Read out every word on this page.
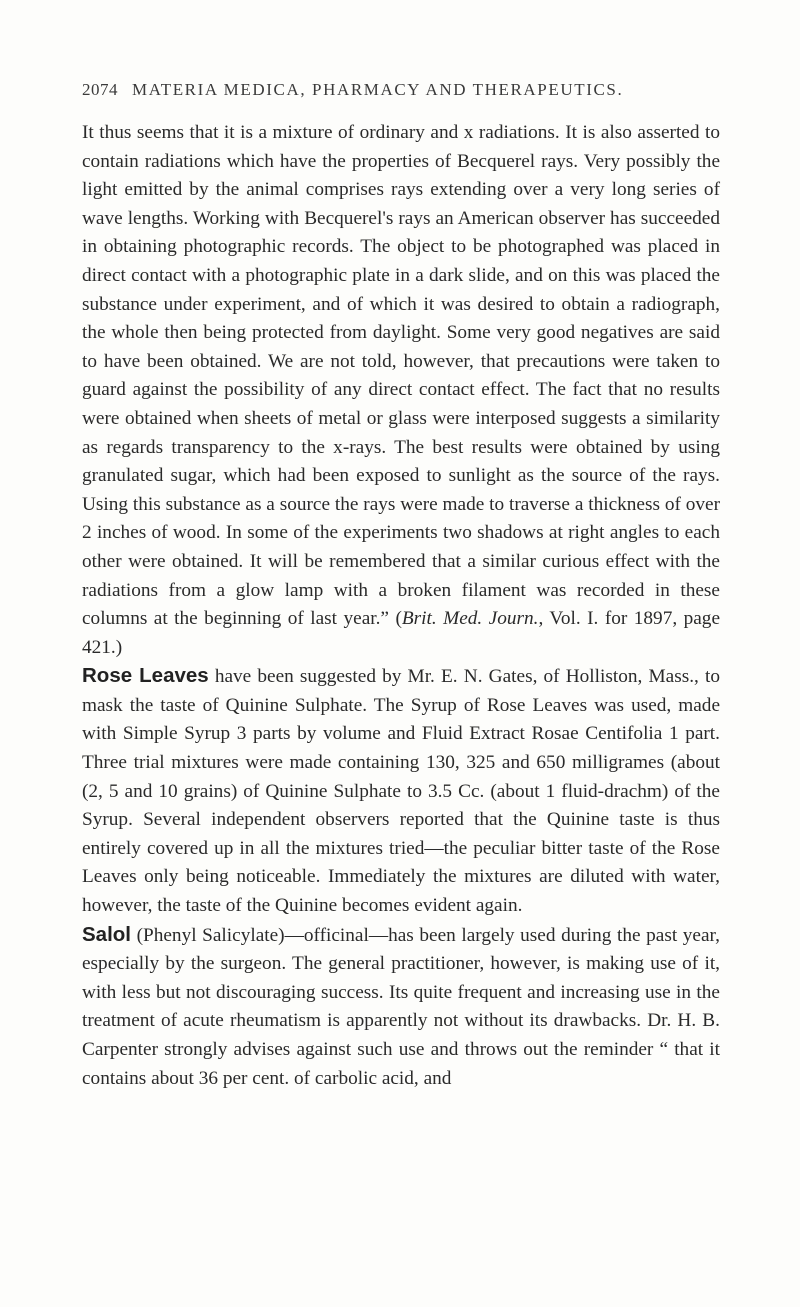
2074 MATERIA MEDICA, PHARMACY AND THERAPEUTICS.

It thus seems that it is a mixture of ordinary and x radiations. It is also asserted to contain radiations which have the properties of Becquerel rays. Very possibly the light emitted by the animal comprises rays extending over a very long series of wave lengths. Working with Becquerel's rays an American observer has succeeded in obtaining photographic records. The object to be photographed was placed in direct contact with a photographic plate in a dark slide, and on this was placed the substance under experiment, and of which it was desired to obtain a radiograph, the whole then being protected from daylight. Some very good negatives are said to have been obtained. We are not told, however, that precautions were taken to guard against the possibility of any direct contact effect. The fact that no results were obtained when sheets of metal or glass were interposed suggests a similarity as regards transparency to the x-rays. The best results were obtained by using granulated sugar, which had been exposed to sunlight as the source of the rays. Using this substance as a source the rays were made to traverse a thickness of over 2 inches of wood. In some of the experiments two shadows at right angles to each other were obtained. It will be remembered that a similar curious effect with the radiations from a glow lamp with a broken filament was recorded in these columns at the beginning of last year.” (Brit. Med. Journ., Vol. I. for 1897, page 421.)

Rose Leaves have been suggested by Mr. E. N. Gates, of Holliston, Mass., to mask the taste of Quinine Sulphate. The Syrup of Rose Leaves was used, made with Simple Syrup 3 parts by volume and Fluid Extract Rosae Centifolia 1 part. Three trial mixtures were made containing 130, 325 and 650 milligrames (about (2, 5 and 10 grains) of Quinine Sulphate to 3.5 Cc. (about 1 fluid-drachm) of the Syrup. Several independent observers reported that the Quinine taste is thus entirely covered up in all the mixtures tried—the peculiar bitter taste of the Rose Leaves only being noticeable. Immediately the mixtures are diluted with water, however, the taste of the Quinine becomes evident again.

Salol (Phenyl Salicylate)—officinal—has been largely used during the past year, especially by the surgeon. The general practitioner, however, is making use of it, with less but not discouraging success. Its quite frequent and increasing use in the treatment of acute rheumatism is apparently not without its drawbacks. Dr. H. B. Carpenter strongly advises against such use and throws out the reminder “ that it contains about 36 per cent. of carbolic acid, and
